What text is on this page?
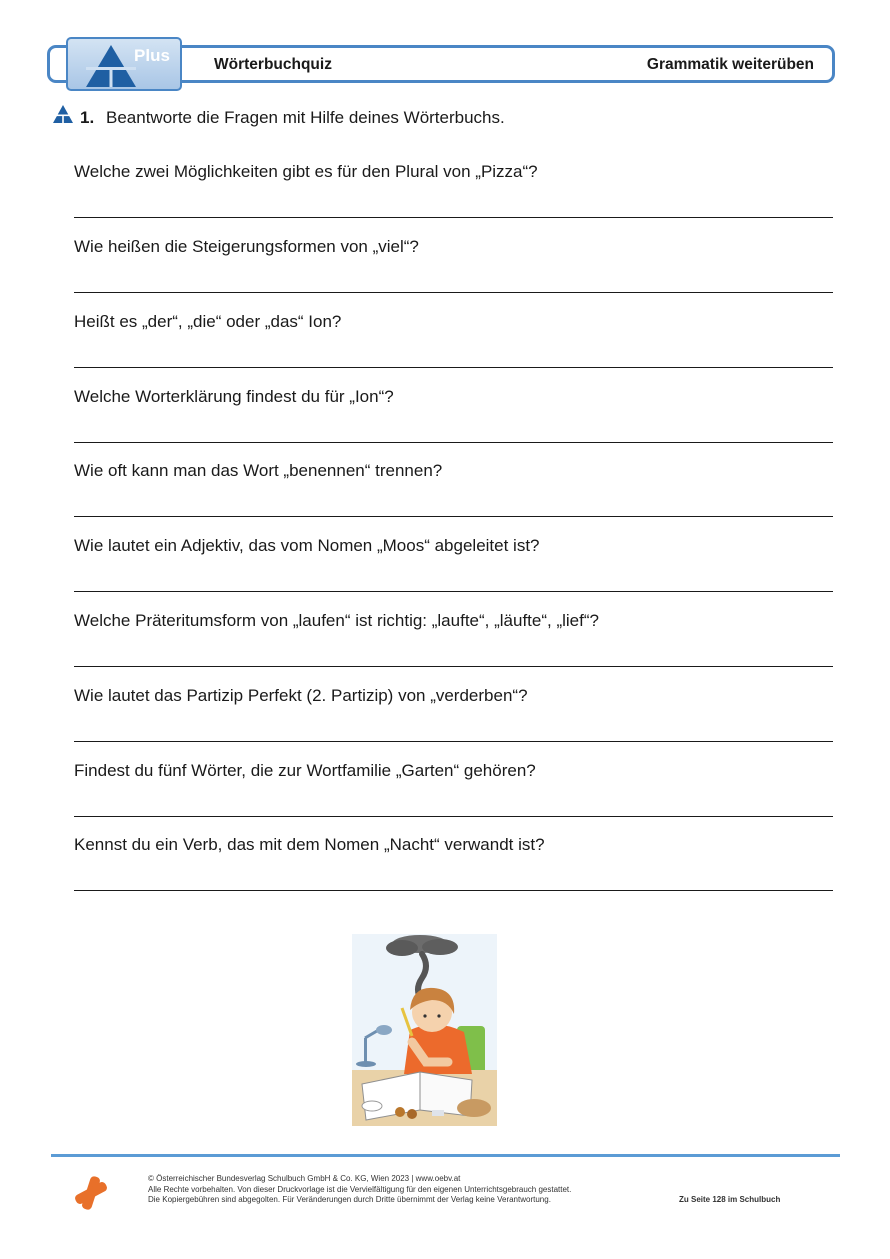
Plus	Wörterbuchquiz	Grammatik weiterüben
1. Beantworte die Fragen mit Hilfe deines Wörterbuchs.
Welche zwei Möglichkeiten gibt es für den Plural von „Pizza“?
Wie heißen die Steigerungsformen von „viel“?
Heißt es „der“, „die“ oder „das“ Ion?
Welche Worterklärung findest du für „Ion“?
Wie oft kann man das Wort „benennen“ trennen?
Wie lautet ein Adjektiv, das vom Nomen „Moos“ abgeleitet ist?
Welche Präteritumsform von „laufen“ ist richtig: „laufte“, „läufte“, „lief“?
Wie lautet das Partizip Perfekt (2. Partizip) von „verderben“?
Findest du fünf Wörter, die zur Wortfamilie „Garten“ gehören?
Kennst du ein Verb, das mit dem Nomen „Nacht“ verwandt ist?
© Österreichischer Bundesverlag Schulbuch GmbH & Co. KG, Wien 2023 | www.oebv.at
Alle Rechte vorbehalten. Von dieser Druckvorlage ist die Vervielfältigung für den eigenen Unterrichtsgebrauch gestattet.
Die Kopiergebühren sind abgegolten. Für Veränderungen durch Dritte übernimmt der Verlag keine Verantwortung.	Zu Seite 128 im Schulbuch
